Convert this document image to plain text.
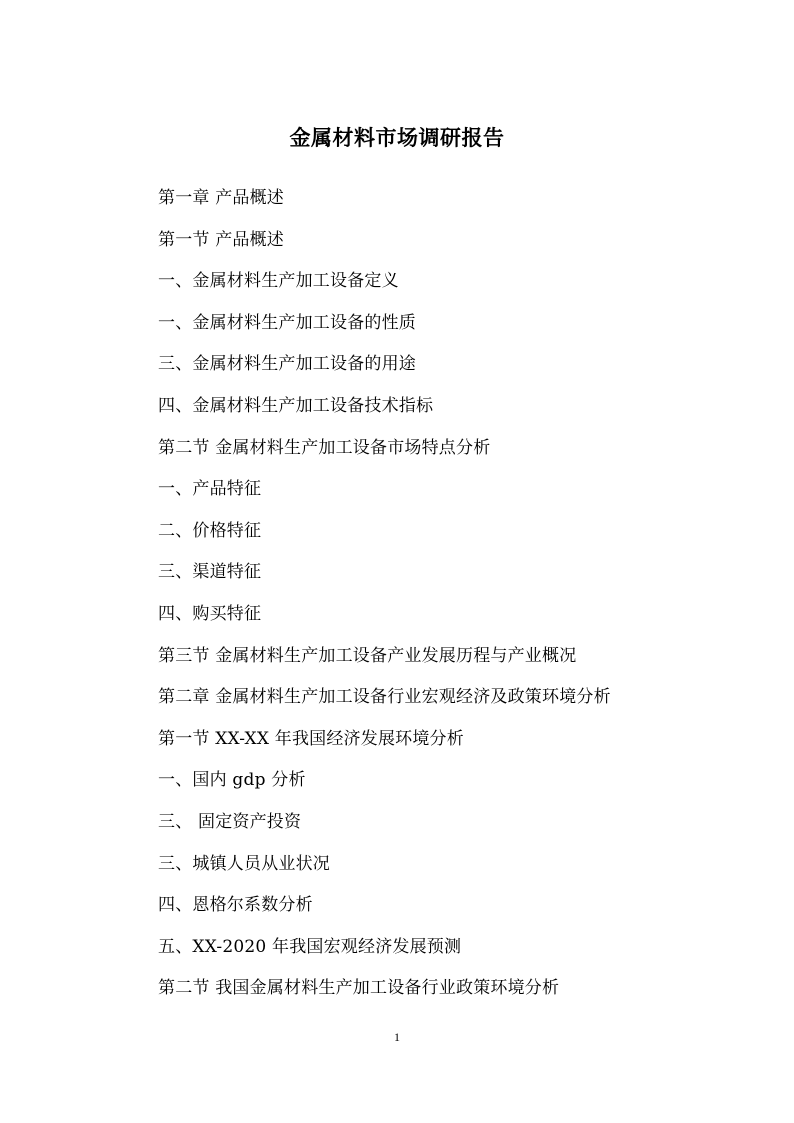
金属材料市场调研报告
第一章 产品概述
第一节 产品概述
一、金属材料生产加工设备定义
一、金属材料生产加工设备的性质
三、金属材料生产加工设备的用途
四、金属材料生产加工设备技术指标
第二节 金属材料生产加工设备市场特点分析
一、产品特征
二、价格特征
三、渠道特征
四、购买特征
第三节 金属材料生产加工设备产业发展历程与产业概况
第二章 金属材料生产加工设备行业宏观经济及政策环境分析
第一节 XX-XX 年我国经济发展环境分析
一、国内 gdp 分析
三、 固定资产投资
三、城镇人员从业状况
四、恩格尔系数分析
五、XX-2020 年我国宏观经济发展预测
第二节 我国金属材料生产加工设备行业政策环境分析
1
